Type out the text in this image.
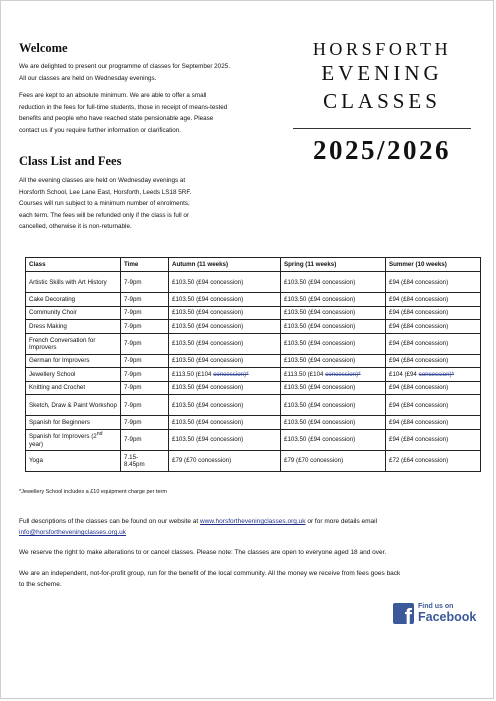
Welcome
We are delighted to present our programme of classes for September 2025.
All our classes are held on Wednesday evenings.
Fees are kept to an absolute minimum. We are able to offer a small
reduction in the fees for full-time students, those in receipt of means-tested
benefits and people who have reached state pensionable age. Please
contact us if you require further information or clarification.
HORSFORTH
EVENING
CLASSES
2025/2026
Class List and Fees
All the evening classes are held on Wednesday evenings at
Horsforth School, Lee Lane East, Horsforth, Leeds LS18 5RF.
Courses will run subject to a minimum number of enrolments,
each term. The fees will be refunded only if the class is full or
cancelled, otherwise it is non-returnable.
Class	Time	Autumn (11 weeks)	Spring (11 weeks)	Summer (10 weeks)
Artistic Skills with Art History	7-9pm	£103.50 (£94 concession)	£103.50 (£94 concession)	£94 (£84 concession)
Cake Decorating	7-9pm	£103.50 (£94 concession)	£103.50 (£94 concession)	£94 (£84 concession)
Community Choir	7-9pm	£103.50 (£94 concession)	£103.50 (£94 concession)	£94 (£84 concession)
Dress Making	7-9pm	£103.50 (£94 concession)	£103.50 (£94 concession)	£94 (£84 concession)
French Conversation for Improvers	7-9pm	£103.50 (£94 concession)	£103.50 (£94 concession)	£94 (£84 concession)
German for Improvers	7-9pm	£103.50 (£94 concession)	£103.50 (£94 concession)	£94 (£84 concession)
Jewellery School	7-9pm	£113.50 (£104 concession)*	£113.50 (£104 concession)*	£104 (£94 concession)*
Knitting and Crochet	7-9pm	£103.50 (£94 concession)	£103.50 (£94 concession)	£94 (£84 concession)
Sketch, Draw & Paint Workshop	7-9pm	£103.50 (£94 concession)	£103.50 (£94 concession)	£94 (£84 concession)
Spanish for Beginners	7-9pm	£103.50 (£94 concession)	£103.50 (£94 concession)	£94 (£84 concession)
Spanish for Improvers (2nd year)	7-9pm	£103.50 (£94 concession)	£103.50 (£94 concession)	£94 (£84 concession)
Yoga	7.15-
8.45pm	£79 (£70 concession)	£79 (£70 concession)	£72 (£64 concession)
*Jewellery School includes a £10 equipment charge per term
Full descriptions of the classes can be found on our website at www.horsfortheveningclasses.org.uk or for more details email
info@horsfortheveningclasses.org.uk
We reserve the right to make alterations to or cancel classes. Please note: The classes are open to everyone aged 18 and over.
We are an independent, not-for-profit group, run for the benefit of the local community. All the money we receive from fees goes back
to the scheme.
f Find us on
Facebook
